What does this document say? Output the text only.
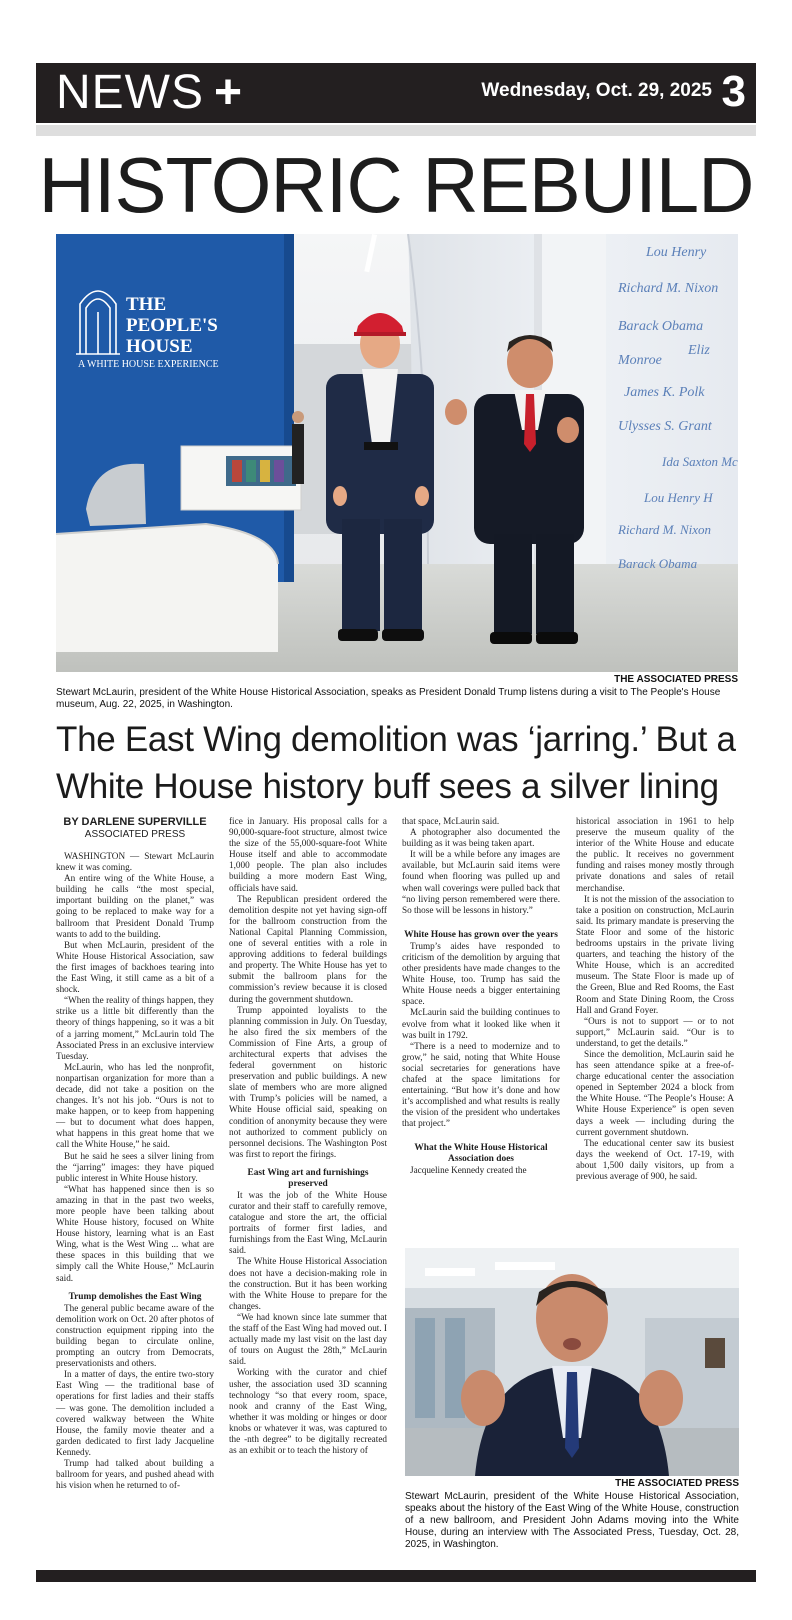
NEWS +	Wednesday, Oct. 29, 2025 3
HISTORIC REBUILD
THE
PEOPLE'S
HOUSE
A WHITE HOUSE EXPERIENCE
Lou Henry
Richard M. Nixon
Barack Obama
Monroe
Eliz
James K. Polk
Ulysses S. Grant
Ida Saxton Mc
Lou Henry H
Richard M. Nixon
Barack Obama
THE ASSOCIATED PRESS
Stewart McLaurin, president of the White House Historical Association, speaks as President Donald Trump listens during a visit to The People's House museum, Aug. 22, 2025, in Washington.
The East Wing demolition was ‘jarring.’ But a White House history buff sees a silver lining
BY DARLENE SUPERVILLE
ASSOCIATED PRESS

WASHINGTON — Stewart McLaurin knew it was coming.

An entire wing of the White House, a building he calls “the most special, important building on the planet,” was going to be replaced to make way for a ballroom that President Donald Trump wants to add to the building.

But when McLaurin, president of the White House Historical Association, saw the first images of backhoes tearing into the East Wing, it still came as a bit of a shock.

“When the reality of things happen, they strike us a little bit differently than the theory of things happening, so it was a bit of a jarring moment,” McLaurin told The Associated Press in an exclusive interview Tuesday.

McLaurin, who has led the nonprofit, nonpartisan organization for more than a decade, did not take a position on the changes. It’s not his job. “Ours is not to make happen, or to keep from happening — but to document what does happen, what happens in this great home that we call the White House,” he said.

But he said he sees a silver lining from the “jarring” images: they have piqued public interest in White House history.

“What has happened since then is so amazing in that in the past two weeks, more people have been talking about White House history, focused on White House history, learning what is an East Wing, what is the West Wing ... what are these spaces in this building that we simply call the White House,” McLaurin said.

Trump demolishes the East Wing

The general public became aware of the demolition work on Oct. 20 after photos of construction equipment ripping into the building began to circulate online, prompting an outcry from Democrats, preservationists and others.

In a matter of days, the entire two-story East Wing — the traditional base of operations for first ladies and their staffs — was gone. The demolition included a covered walkway between the White House, the family movie theater and a garden dedicated to first lady Jacqueline Kennedy.

Trump had talked about building a ballroom for years, and pushed ahead with his vision when he returned to of-

fice in January. His proposal calls for a 90,000-square-foot structure, almost twice the size of the 55,000-square-foot White House itself and able to accommodate 1,000 people. The plan also includes building a more modern East Wing, officials have said.

The Republican president ordered the demolition despite not yet having sign-off for the ballroom construction from the National Capital Planning Commission, one of several entities with a role in approving additions to federal buildings and property. The White House has yet to submit the ballroom plans for the commission’s review because it is closed during the government shutdown.

Trump appointed loyalists to the planning commission in July. On Tuesday, he also fired the six members of the Commission of Fine Arts, a group of architectural experts that advises the federal government on historic preservation and public buildings. A new slate of members who are more aligned with Trump’s policies will be named, a White House official said, speaking on condition of anonymity because they were not authorized to comment publicly on personnel decisions. The Washington Post was first to report the firings.

East Wing art and furnishings preserved

It was the job of the White House curator and their staff to carefully remove, catalogue and store the art, the official portraits of former first ladies, and furnishings from the East Wing, McLaurin said.

The White House Historical Association does not have a decision-making role in the construction. But it has been working with the White House to prepare for the changes.

“We had known since late summer that the staff of the East Wing had moved out. I actually made my last visit on the last day of tours on August the 28th,” McLaurin said.

Working with the curator and chief usher, the association used 3D scanning technology “so that every room, space, nook and cranny of the East Wing, whether it was molding or hinges or door knobs or whatever it was, was captured to the -nth degree” to be digitally recreated as an exhibit or to teach the history of

that space, McLaurin said.

A photographer also documented the building as it was being taken apart.

It will be a while before any images are available, but McLaurin said items were found when flooring was pulled up and when wall coverings were pulled back that “no living person remembered were there. So those will be lessons in history.”

White House has grown over the years

Trump’s aides have responded to criticism of the demolition by arguing that other presidents have made changes to the White House, too. Trump has said the White House needs a bigger entertaining space.

McLaurin said the building continues to evolve from what it looked like when it was built in 1792.

“There is a need to modernize and to grow,” he said, noting that White House social secretaries for generations have chafed at the space limitations for entertaining. “But how it’s done and how it’s accomplished and what results is really the vision of the president who undertakes that project.”

What the White House Historical Association does

Jacqueline Kennedy created the

historical association in 1961 to help preserve the museum quality of the interior of the White House and educate the public. It receives no government funding and raises money mostly through private donations and sales of retail merchandise.

It is not the mission of the association to take a position on construction, McLaurin said. Its primary mandate is preserving the State Floor and some of the historic bedrooms upstairs in the private living quarters, and teaching the history of the White House, which is an accredited museum. The State Floor is made up of the Green, Blue and Red Rooms, the East Room and State Dining Room, the Cross Hall and Grand Foyer.

“Ours is not to support — or to not support,” McLaurin said. “Our is to understand, to get the details.”

Since the demolition, McLaurin said he has seen attendance spike at a free-of-charge educational center the association opened in September 2024 a block from the White House. “The People’s House: A White House Experience” is open seven days a week — including during the current government shutdown.

The educational center saw its busiest days the weekend of Oct. 17-19, with about 1,500 daily visitors, up from a previous average of 900, he said.

THE ASSOCIATED PRESS
Stewart McLaurin, president of the White House Historical Association, speaks about the history of the East Wing of the White House, construction of a new ballroom, and President John Adams moving into the White House, during an interview with The Associated Press, Tuesday, Oct. 28, 2025, in Washington.
